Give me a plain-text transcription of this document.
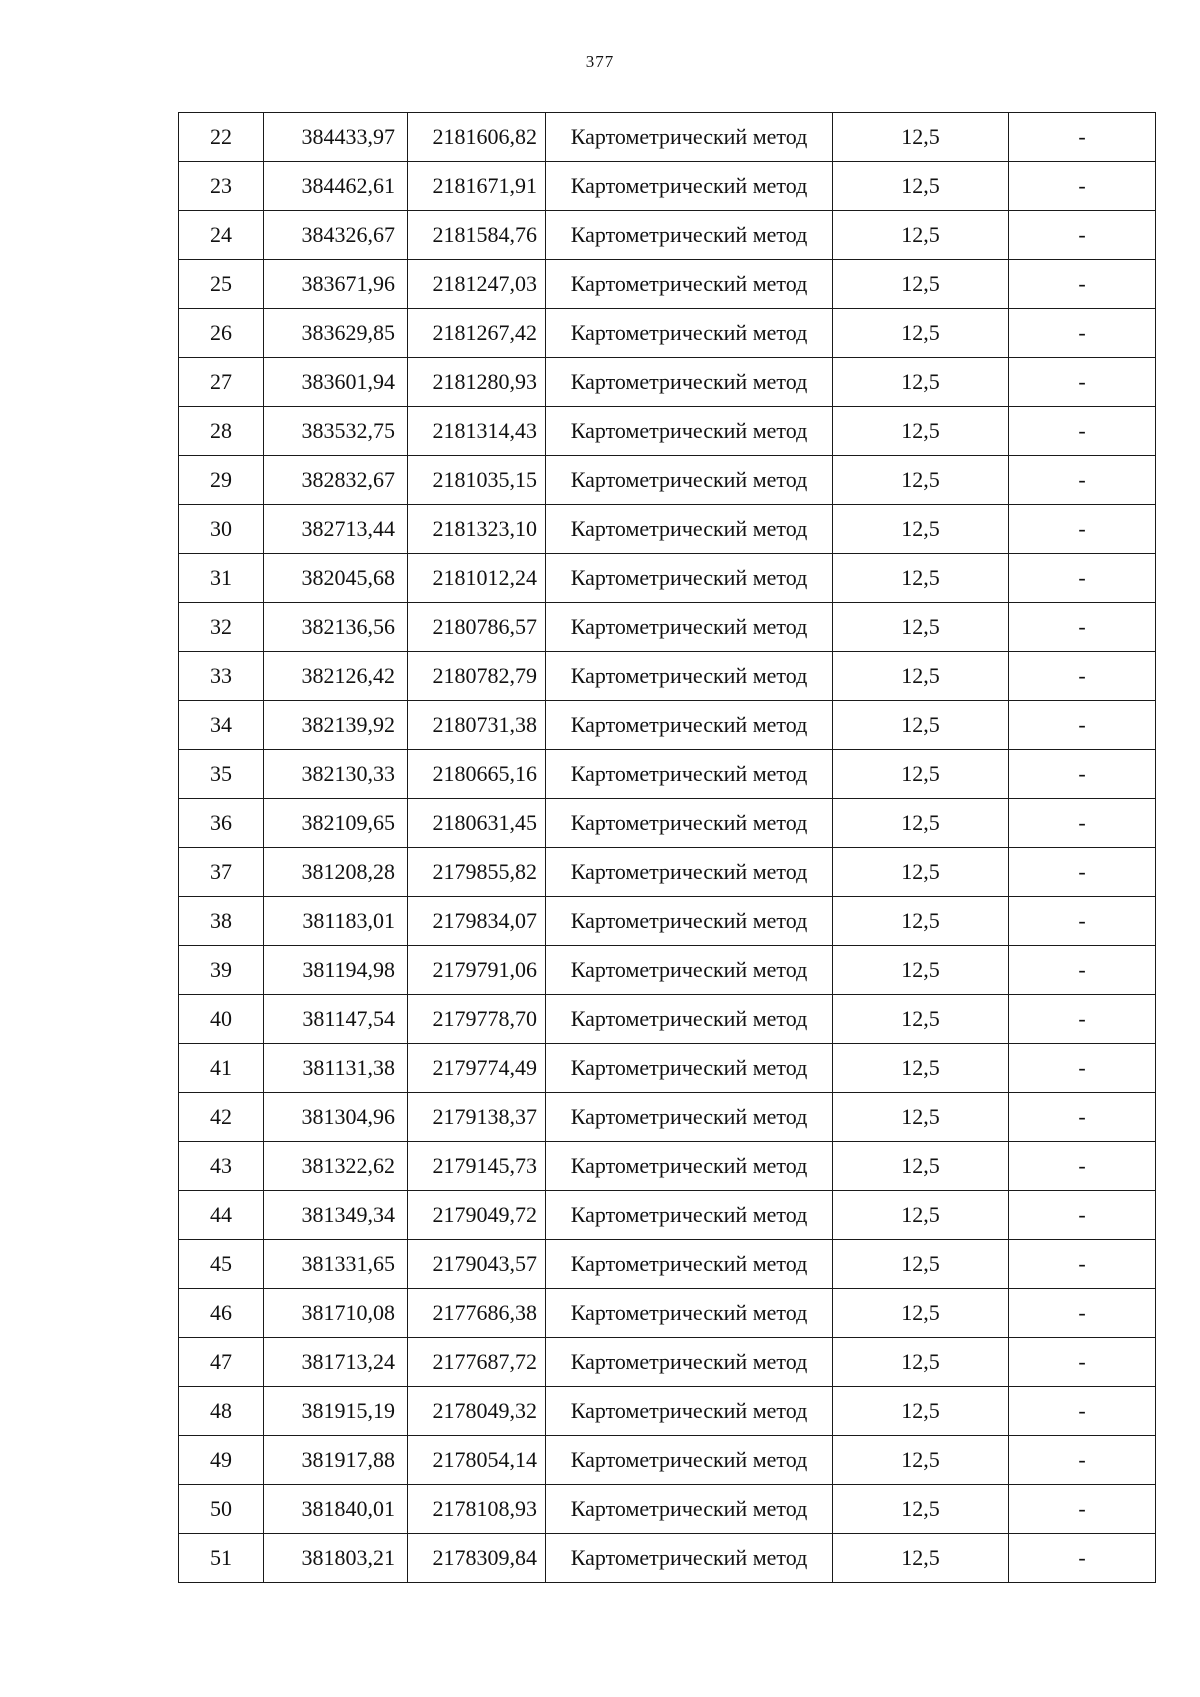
377
22	384433,97	2181606,82	Картометрический метод	12,5	-
23	384462,61	2181671,91	Картометрический метод	12,5	-
24	384326,67	2181584,76	Картометрический метод	12,5	-
25	383671,96	2181247,03	Картометрический метод	12,5	-
26	383629,85	2181267,42	Картометрический метод	12,5	-
27	383601,94	2181280,93	Картометрический метод	12,5	-
28	383532,75	2181314,43	Картометрический метод	12,5	-
29	382832,67	2181035,15	Картометрический метод	12,5	-
30	382713,44	2181323,10	Картометрический метод	12,5	-
31	382045,68	2181012,24	Картометрический метод	12,5	-
32	382136,56	2180786,57	Картометрический метод	12,5	-
33	382126,42	2180782,79	Картометрический метод	12,5	-
34	382139,92	2180731,38	Картометрический метод	12,5	-
35	382130,33	2180665,16	Картометрический метод	12,5	-
36	382109,65	2180631,45	Картометрический метод	12,5	-
37	381208,28	2179855,82	Картометрический метод	12,5	-
38	381183,01	2179834,07	Картометрический метод	12,5	-
39	381194,98	2179791,06	Картометрический метод	12,5	-
40	381147,54	2179778,70	Картометрический метод	12,5	-
41	381131,38	2179774,49	Картометрический метод	12,5	-
42	381304,96	2179138,37	Картометрический метод	12,5	-
43	381322,62	2179145,73	Картометрический метод	12,5	-
44	381349,34	2179049,72	Картометрический метод	12,5	-
45	381331,65	2179043,57	Картометрический метод	12,5	-
46	381710,08	2177686,38	Картометрический метод	12,5	-
47	381713,24	2177687,72	Картометрический метод	12,5	-
48	381915,19	2178049,32	Картометрический метод	12,5	-
49	381917,88	2178054,14	Картометрический метод	12,5	-
50	381840,01	2178108,93	Картометрический метод	12,5	-
51	381803,21	2178309,84	Картометрический метод	12,5	-
